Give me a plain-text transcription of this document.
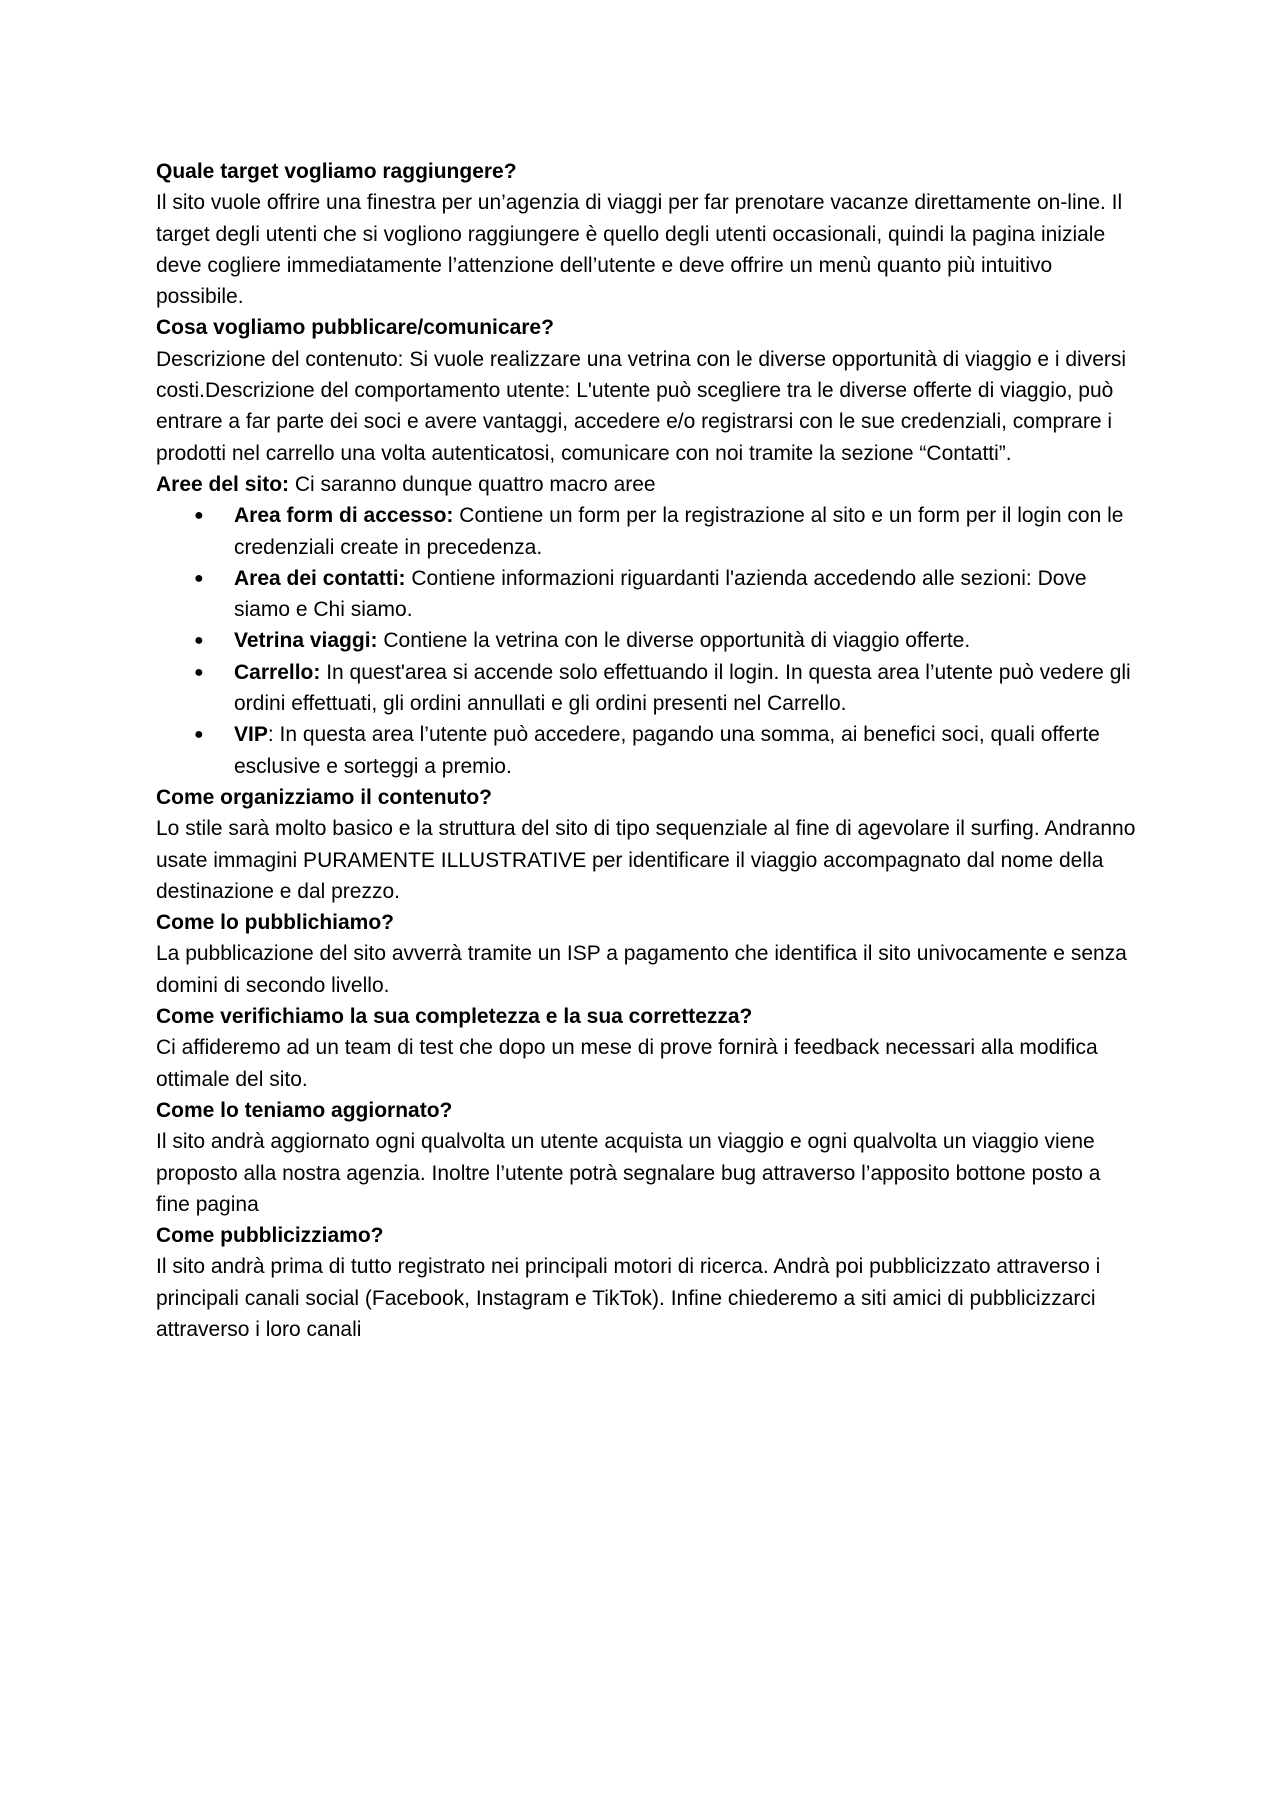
Quale target vogliamo raggiungere?

Il sito vuole offrire una finestra per un’agenzia di viaggi per far prenotare vacanze direttamente on-line. Il target degli utenti che si vogliono raggiungere è quello degli utenti occasionali, quindi la pagina iniziale deve cogliere immediatamente l’attenzione dell’utente e deve offrire un menù quanto più intuitivo possibile.

Cosa vogliamo pubblicare/comunicare?

Descrizione del contenuto: Si vuole realizzare una vetrina con le diverse opportunità di viaggio e i diversi costi.Descrizione del comportamento utente: L'utente può scegliere tra le diverse offerte di viaggio, può entrare a far parte dei soci e avere vantaggi, accedere e/o registrarsi con le sue credenziali, comprare i prodotti nel carrello una volta autenticatosi, comunicare con noi tramite la sezione “Contatti”.

Aree del sito: Ci saranno dunque quattro macro aree

● Area form di accesso: Contiene un form per la registrazione al sito e un form per il login con le credenziali create in precedenza.
● Area dei contatti: Contiene informazioni riguardanti l'azienda accedendo alle sezioni: Dove siamo e Chi siamo.
● Vetrina viaggi: Contiene la vetrina con le diverse opportunità di viaggio offerte.
● Carrello: In quest'area si accende solo effettuando il login. In questa area l’utente può vedere gli ordini effettuati, gli ordini annullati e gli ordini presenti nel Carrello.
● VIP: In questa area l’utente può accedere, pagando una somma, ai benefici soci, quali offerte esclusive e sorteggi a premio.

Come organizziamo il contenuto?

Lo stile sarà molto basico e la struttura del sito di tipo sequenziale al fine di agevolare il surfing. Andranno usate immagini PURAMENTE ILLUSTRATIVE per identificare il viaggio accompagnato dal nome della destinazione e dal prezzo.

Come lo pubblichiamo?

La pubblicazione del sito avverrà tramite un ISP a pagamento che identifica il sito univocamente e senza domini di secondo livello.

Come verifichiamo la sua completezza e la sua correttezza?

Ci affideremo ad un team di test che dopo un mese di prove fornirà i feedback necessari alla modifica ottimale del sito.

Come lo teniamo aggiornato?

Il sito andrà aggiornato ogni qualvolta un utente acquista un viaggio e ogni qualvolta un viaggio viene proposto alla nostra agenzia. Inoltre l’utente potrà segnalare bug attraverso l’apposito bottone posto a fine pagina

Come pubblicizziamo?

Il sito andrà prima di tutto registrato nei principali motori di ricerca. Andrà poi pubblicizzato attraverso i principali canali social (Facebook, Instagram e TikTok). Infine chiederemo a siti amici di pubblicizzarci attraverso i loro canali
